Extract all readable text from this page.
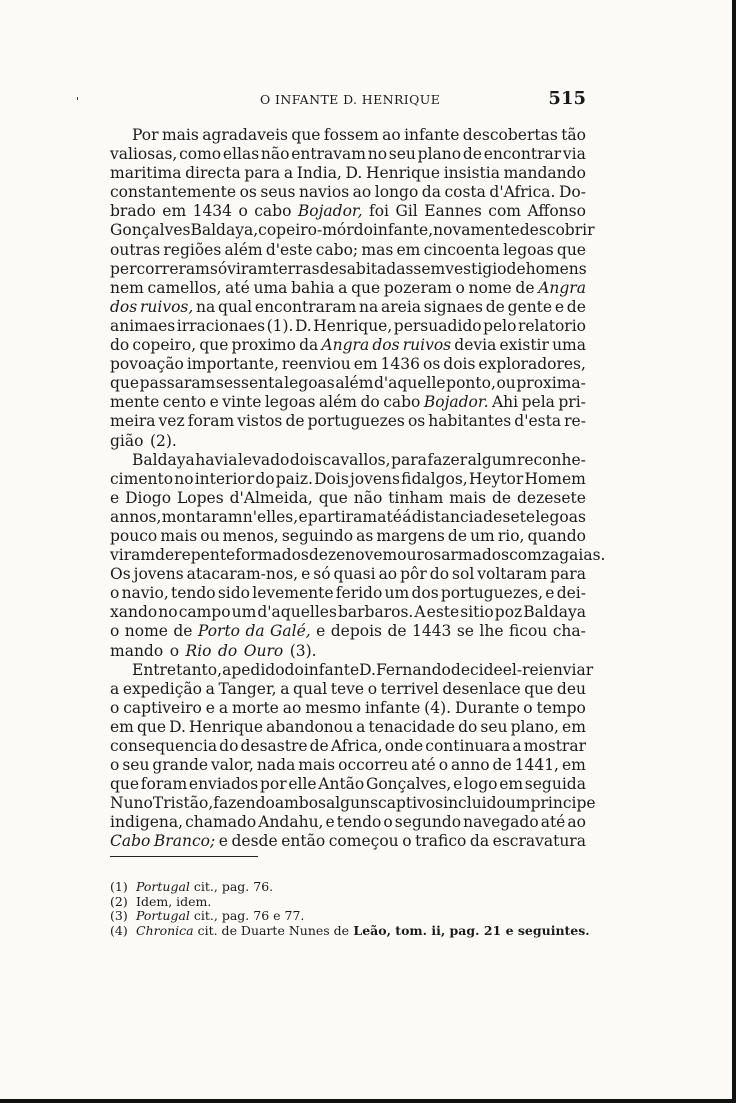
'	O INFANTE D. HENRIQUE	515
Por mais agradaveis que fossem ao infante descobertas tão
valiosas, como ellas não entravam no seu plano de encontrar via
maritima directa para a India, D. Henrique insistia mandando
constantemente os seus navios ao longo da costa d'Africa. Do-
brado em 1434 o cabo Bojador, foi Gil Eannes com Affonso
Gonçalves Baldaya, copeiro-mór do infante, novamente descobrir
outras regiões além d'este cabo; mas em cincoenta legoas que
percorreram só viram terras desabitadas sem vestigio de homens
nem camellos, até uma bahia a que pozeram o nome de Angra
dos ruivos, na qual encontraram na areia signaes de gente e de
animaes irracionaes (1). D. Henrique, persuadido pelo relatorio
do copeiro, que proximo da Angra dos ruivos devia existir uma
povoação importante, reenviou em 1436 os dois exploradores,
que passaram sessenta legoas além d'aquelle ponto, ou proxima-
mente cento e vinte legoas além do cabo Bojador. Ahi pela pri-
meira vez foram vistos de portuguezes os habitantes d'esta re-
gião (2).
Baldaya havia levado dois cavallos, para fazer algum reconhe-
cimento no interior do paiz. Dois jovens fidalgos, Heytor Homem
e Diogo Lopes d'Almeida, que não tinham mais de dezesete
annos, montaram n'elles, e partiram até á distancia de sete legoas
pouco mais ou menos, seguindo as margens de um rio, quando
viram de repente formados dezenove mouros armados com zagaias.
Os jovens atacaram-nos, e só quasi ao pôr do sol voltaram para
o navio, tendo sido levemente ferido um dos portuguezes, e dei-
xando no campo um d'aquelles barbaros. A este sitio poz Baldaya
o nome de Porto da Galé, e depois de 1443 se lhe ficou cha-
mando o Rio do Ouro (3).
Entretanto, a pedido do infante D. Fernando decide el-rei enviar
a expedição a Tanger, a qual teve o terrivel desenlace que deu
o captiveiro e a morte ao mesmo infante (4). Durante o tempo
em que D. Henrique abandonou a tenacidade do seu plano, em
consequencia do desastre de Africa, onde continuara a mostrar
o seu grande valor, nada mais occorreu até o anno de 1441, em
que foram enviados por elle Antão Gonçalves, e logo em seguida
Nuno Tristão, fazendo ambos alguns captivos incluido um principe
indigena, chamado Andahu, e tendo o segundo navegado até ao
Cabo Branco; e desde então começou o trafico da escravatura
(1) Portugal cit., pag. 76.
(2) Idem, idem.
(3) Portugal cit., pag. 76 e 77.
(4) Chronica cit. de Duarte Nunes de Leão, tom. ii, pag. 21 e seguintes.
